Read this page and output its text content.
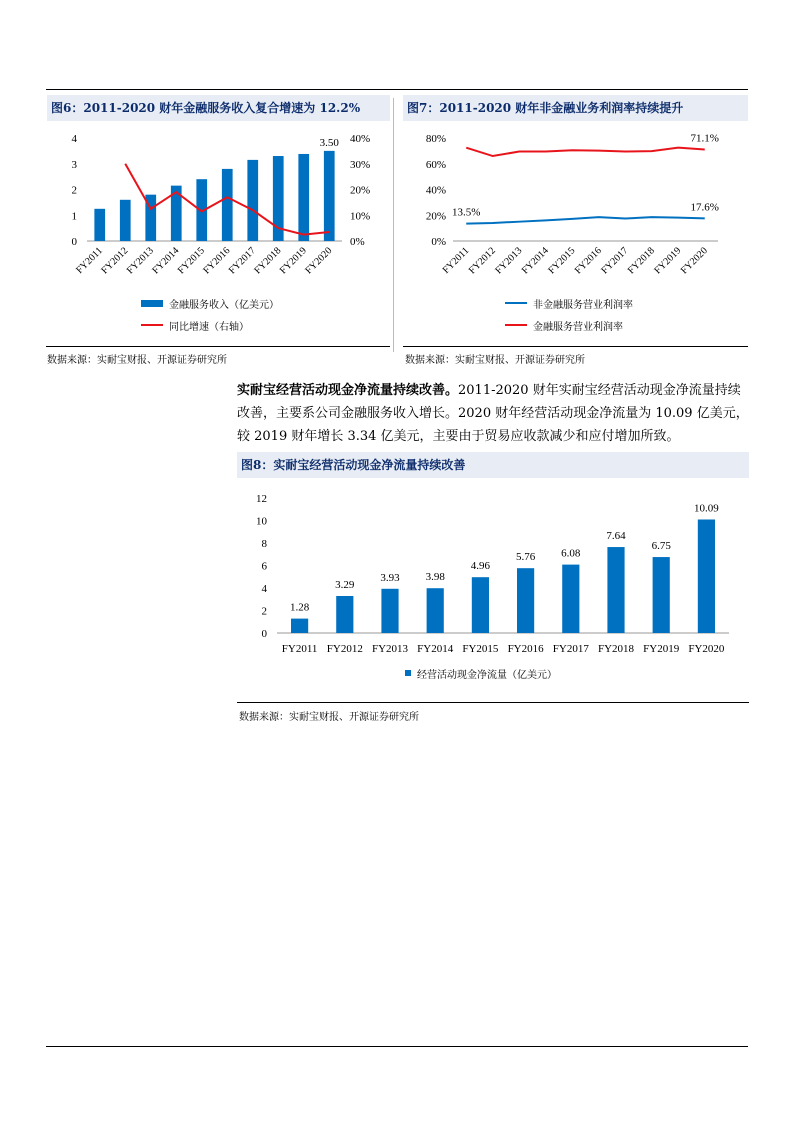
图6：2011-2020 财年金融服务收入复合增速为 12.2%
0
1
2
3
4
0%
10%
20%
30%
40%
FY2011
FY2012
FY2013
FY2014
FY2015
FY2016
FY2017
FY2018
FY2019
FY2020
3.50
金融服务收入（亿美元）
同比增速（右轴）
数据来源：实耐宝财报、开源证券研究所
图7：2011-2020 财年非金融业务利润率持续提升
0%
20%
40%
60%
80%
FY2011
FY2012
FY2013
FY2014
FY2015
FY2016
FY2017
FY2018
FY2019
FY2020
13.5%	17.6%
71.1%
非金融服务营业利润率
金融服务营业利润率
数据来源：实耐宝财报、开源证券研究所

实耐宝经营活动现金净流量持续改善。2011-2020 财年实耐宝经营活动现金净流量持续改善，主要系公司金融服务收入增长。2020 财年经营活动现金净流量为 10.09 亿美元，较 2019 财年增长 3.34 亿美元，主要由于贸易应收款减少和应付增加所致。

图8：实耐宝经营活动现金净流量持续改善
0
2
4
6
8
10
12
1.28
FY2011
3.29
FY2012
3.93
FY2013
3.98
FY2014
4.96
FY2015
5.76
FY2016
6.08
FY2017
7.64
FY2018
6.75
FY2019
10.09
FY2020
经营活动现金净流量（亿美元）
数据来源：实耐宝财报、开源证券研究所
